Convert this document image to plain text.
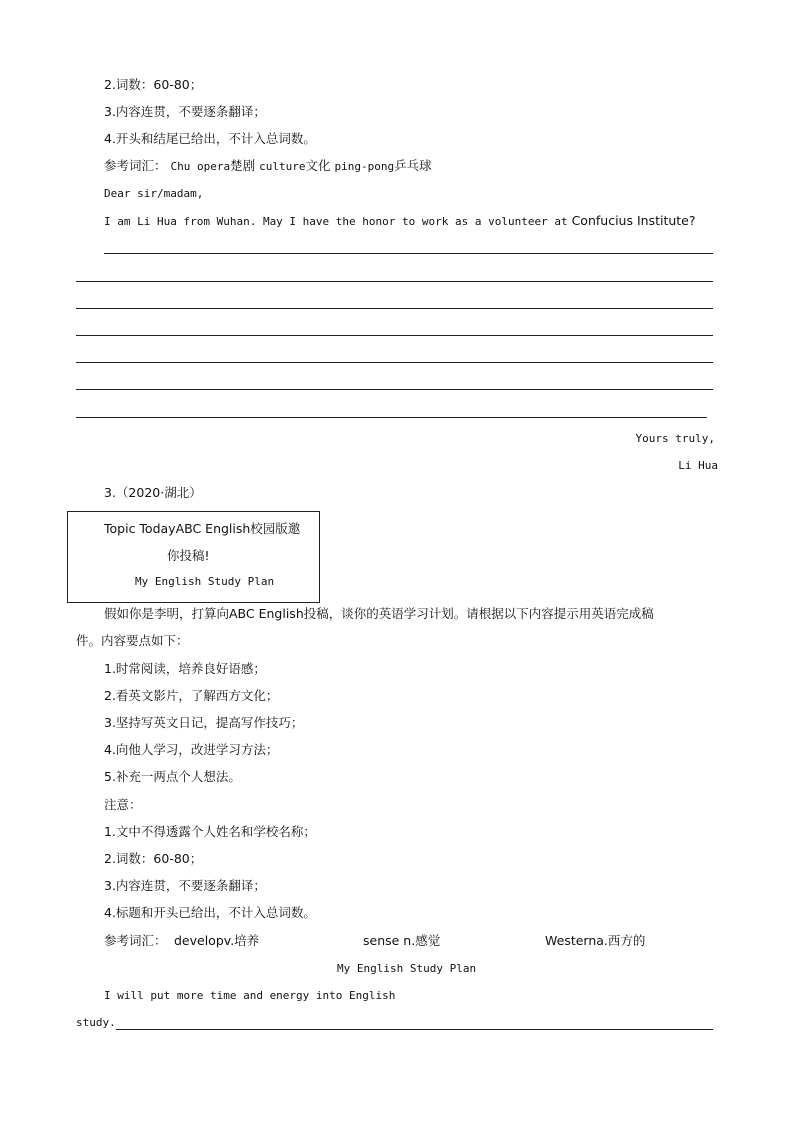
2.词数：60-80；
3.内容连贯，不要逐条翻译；
4.开头和结尾已给出，不计入总词数。
参考词汇： Chu opera楚剧 culture文化 ping-pong乒乓球
Dear sir/madam,
I am Li Hua from Wuhan. May I have the honor to work as a volunteer at Confucius Institute?
Yours truly,
Li Hua
3.（2020·湖北）
Topic TodayABC English校园版邀
你投稿!
My English Study Plan
假如你是李明，打算向ABC English投稿，谈你的英语学习计划。请根据以下内容提示用英语完成稿
件。内容要点如下：
1.时常阅读，培养良好语感；
2.看英文影片，了解西方文化；
3.坚持写英文日记，提高写作技巧；
4.向他人学习，改进学习方法；
5.补充一两点个人想法。
注意：
1.文中不得透露个人姓名和学校名称；
2.词数：60-80；
3.内容连贯，不要逐条翻译；
4.标题和开头已给出，不计入总词数。
参考词汇： developv.培养	sense n.感觉	Westerna.西方的
My English Study Plan
I will put more time and energy into English
study.
